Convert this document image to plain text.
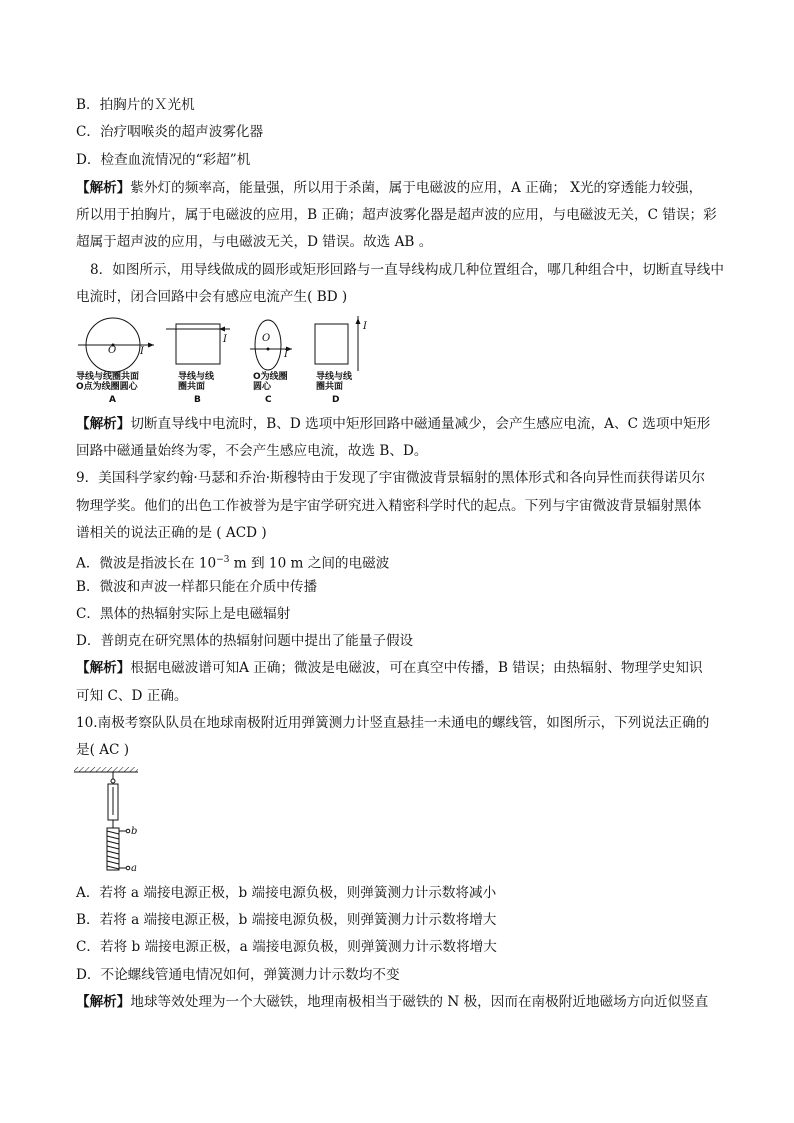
B．拍胸片的Ｘ光机
C．治疗咽喉炎的超声波雾化器
D．检查血流情况的“彩超”机
【解析】紫外灯的频率高，能量强，所以用于杀菌，属于电磁波的应用，A 正确； X光的穿透能力较强，
所以用于拍胸片，属于电磁波的应用，B 正确；超声波雾化器是超声波的应用，与电磁波无关，C 错误；彩
超属于超声波的应用，与电磁波无关，D 错误。故选 AB 。
8．如图所示，用导线做成的圆形或矩形回路与一直导线构成几种位置组合，哪几种组合中，切断直导线中
电流时，闭合回路中会有感应电流产生( BD )
O I
I	O
I
I
导线与线圈共面
O点为线圈圆心
A
导线与线
圈共面
B
O为线圈
圆心
C
导线与线
圈共面
D
【解析】切断直导线中电流时，B、D 选项中矩形回路中磁通量减少，会产生感应电流，A、C 选项中矩形
回路中磁通量始终为零，不会产生感应电流，故选 B、D。
9．美国科学家约翰·马瑟和乔治·斯穆特由于发现了宇宙微波背景辐射的黑体形式和各向异性而获得诺贝尔
物理学奖。他们的出色工作被誉为是宇宙学研究进入精密科学时代的起点。下列与宇宙微波背景辐射黑体
谱相关的说法正确的是 ( ACD )
A．微波是指波长在 $10^{-3}$ m 到 10 m 之间的电磁波
B．微波和声波一样都只能在介质中传播
C．黑体的热辐射实际上是电磁辐射
D．普朗克在研究黑体的热辐射问题中提出了能量子假设
【解析】根据电磁波谱可知A 正确；微波是电磁波，可在真空中传播，B 错误；由热辐射、物理学史知识
可知 C、D 正确。
10.南极考察队队员在地球南极附近用弹簧测力计竖直悬挂一未通电的螺线管，如图所示，下列说法正确的
是( AC )
b
a
A．若将 a 端接电源正极，b 端接电源负极，则弹簧测力计示数将减小
B．若将 a 端接电源正极，b 端接电源负极，则弹簧测力计示数将增大
C．若将 b 端接电源正极，a 端接电源负极，则弹簧测力计示数将增大
D．不论螺线管通电情况如何，弹簧测力计示数均不变
【解析】地球等效处理为一个大磁铁，地理南极相当于磁铁的 N 极，因而在南极附近地磁场方向近似竖直
